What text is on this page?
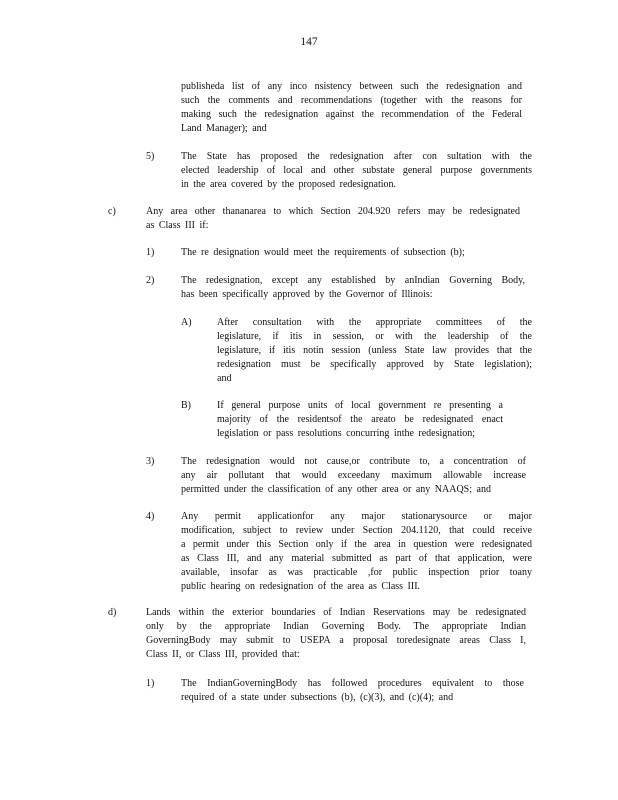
147
publisheda list of any inco nsistency between such the redesignation and
such the comments and recommendations (together with the reasons for
making such the redesignation against the recommendation of the Federal
Land Manager); and
5)	The State has proposed the redesignation after con sultation with the
elected leadership of local and other substate general purpose governments
in the area covered by the proposed redesignation.
c)	Any area other thananarea to which Section 204.920 refers may be redesignated
as Class III if:
1)	The re designation would meet the requirements of subsection (b);
2)	The redesignation, except any established by anIndian Governing Body,
has been specifically approved by the Governor of Illinois:
A)	After consultation with the appropriate committees of the
legislature, if itis in session, or with the leadership of the
legislature, if itis notin session (unless State law provides that the
redesignation must be specifically approved by State legislation);
and
B)	If general purpose units of local government re presenting a
majority of the residentsof the areato be redesignated enact
legislation or pass resolutions concurring inthe redesignation;
3)	The redesignation would not cause,or contribute to, a concentration of
any air pollutant that would exceedany maximum allowable increase
permitted under the classification of any other area or any NAAQS; and
4)	Any permit applicationfor any major stationarysource or major
modification, subject to review under Section 204.1120, that could receive
a permit under this Section only if the area in question were redesignated
as Class III, and any material submitted as part of that application, were
available, insofar as was practicable ,for public inspection prior toany
public hearing on redesignation of the area as Class III.
d)	Lands within the exterior boundaries of Indian Reservations may be redesignated
only by the appropriate Indian Governing Body. The appropriate Indian
GoverningBody may submit to USEPA a proposal toredesignate areas Class I,
Class II, or Class III, provided that:
1)	The IndianGoverningBody has followed procedures equivalent to those
required of a state under subsections (b), (c)(3), and (c)(4); and
